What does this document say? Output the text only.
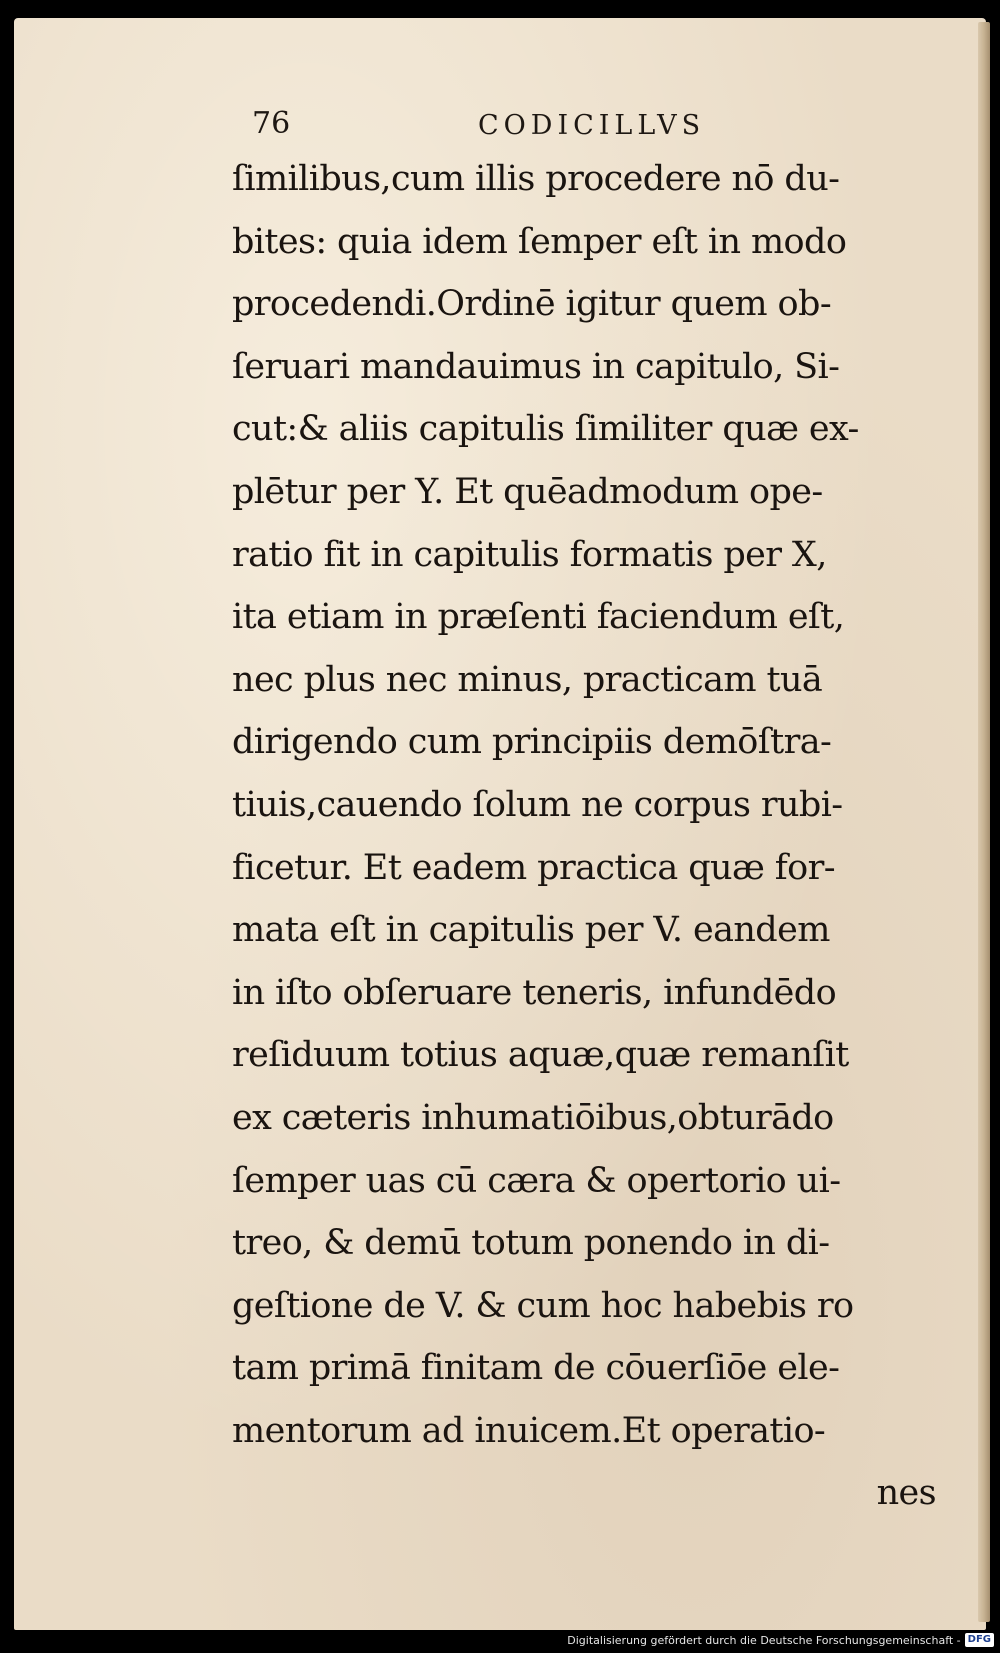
76	CODICILLVS
ſimilibus,cum illis procedere nō du-
bites: quia idem ſemper eſt in modo
procedendi.Ordinē igitur quem ob-
ſeruari mandauimus in capitulo, Si-
cut:& aliis capitulis ſimiliter quæ ex-
plētur per Y. Et quēadmodum ope-
ratio fit in capitulis formatis per X,
ita etiam in præſenti faciendum eſt,
nec plus nec minus, practicam tuā
dirigendo cum principiis demōſtra-
tiuis,cauendo ſolum ne corpus rubi-
ficetur. Et eadem practica quæ for-
mata eſt in capitulis per V. eandem
in iſto obſeruare teneris, infundēdo
reſiduum totius aquæ,quæ remanſit
ex cæteris inhumatiōibus,obturādo
ſemper uas cū cæra & opertorio ui-
treo, & demū totum ponendo in di-
geſtione de V. & cum hoc habebis ro
tam primā finitam de cōuerſiōe ele-
mentorum ad inuicem.Et operatio-
nes
Digitalisierung gefördert durch die Deutsche Forschungsgemeinschaft - DFG
